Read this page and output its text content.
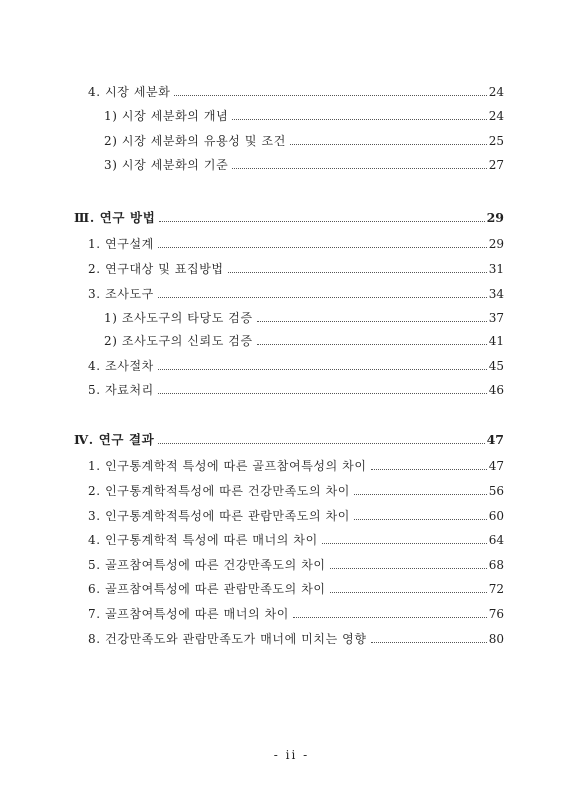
4. 시장 세분화	24
1) 시장 세분화의 개념	24
2) 시장 세분화의 유용성 및 조건	25
3) 시장 세분화의 기준	27
Ⅲ. 연구 방법	29
1. 연구설계	29
2. 연구대상 및 표집방법	31
3. 조사도구	34
1) 조사도구의 타당도 검증	37
2) 조사도구의 신뢰도 검증	41
4. 조사절차	45
5. 자료처리	46
Ⅳ. 연구 결과	47
1. 인구통계학적 특성에 따른 골프참여특성의 차이	47
2. 인구통계학적특성에 따른 건강만족도의 차이	56
3. 인구통계학적특성에 따른 관람만족도의 차이	60
4. 인구통계학적 특성에 따른 매너의 차이	64
5. 골프참여특성에 따른 건강만족도의 차이	68
6. 골프참여특성에 따른 관람만족도의 차이	72
7. 골프참여특성에 따른 매너의 차이	76
8. 건강만족도와 관람만족도가 매너에 미치는 영향	80
- ii -
